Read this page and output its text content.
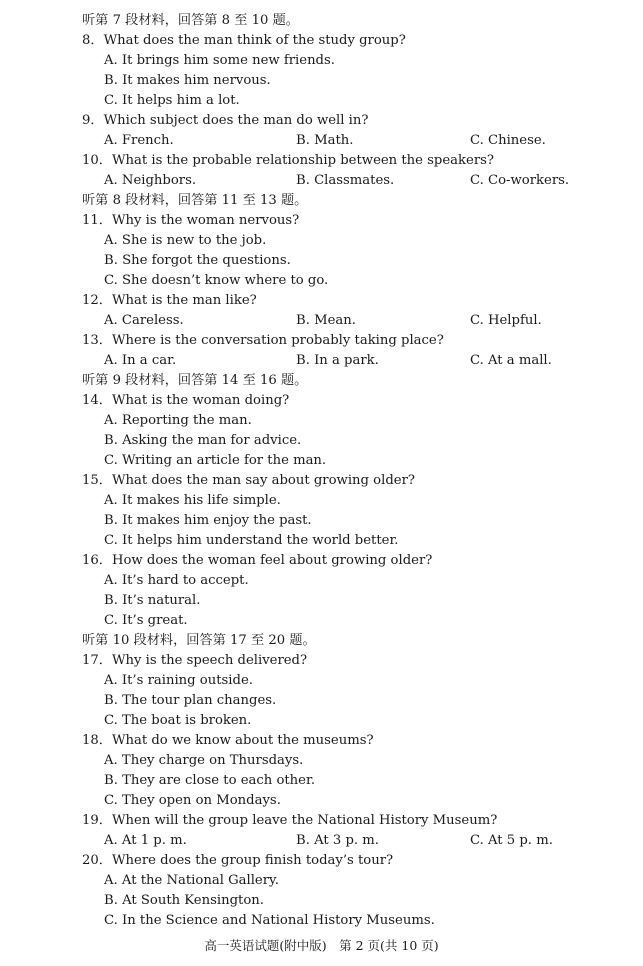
听第 7 段材料，回答第 8 至 10 题。
8．What does the man think of the study group?
A. It brings him some new friends.
B. It makes him nervous.
C. It helps him a lot.
9．Which subject does the man do well in?
A. French.	B. Math.	C. Chinese.
10．What is the probable relationship between the speakers?
A. Neighbors.	B. Classmates.	C. Co-workers.
听第 8 段材料，回答第 11 至 13 题。
11．Why is the woman nervous?
A. She is new to the job.
B. She forgot the questions.
C. She doesn’t know where to go.
12．What is the man like?
A. Careless.	B. Mean.	C. Helpful.
13．Where is the conversation probably taking place?
A. In a car.	B. In a park.	C. At a mall.
听第 9 段材料，回答第 14 至 16 题。
14．What is the woman doing?
A. Reporting the man.
B. Asking the man for advice.
C. Writing an article for the man.
15．What does the man say about growing older?
A. It makes his life simple.
B. It makes him enjoy the past.
C. It helps him understand the world better.
16．How does the woman feel about growing older?
A. It’s hard to accept.
B. It’s natural.
C. It’s great.
听第 10 段材料，回答第 17 至 20 题。
17．Why is the speech delivered?
A. It’s raining outside.
B. The tour plan changes.
C. The boat is broken.
18．What do we know about the museums?
A. They charge on Thursdays.
B. They are close to each other.
C. They open on Mondays.
19．When will the group leave the National History Museum?
A. At 1 p. m.	B. At 3 p. m.	C. At 5 p. m.
20．Where does the group finish today’s tour?
A. At the National Gallery.
B. At South Kensington.
C. In the Science and National History Museums.
高一英语试题(附中版)　第 2 页(共 10 页)
